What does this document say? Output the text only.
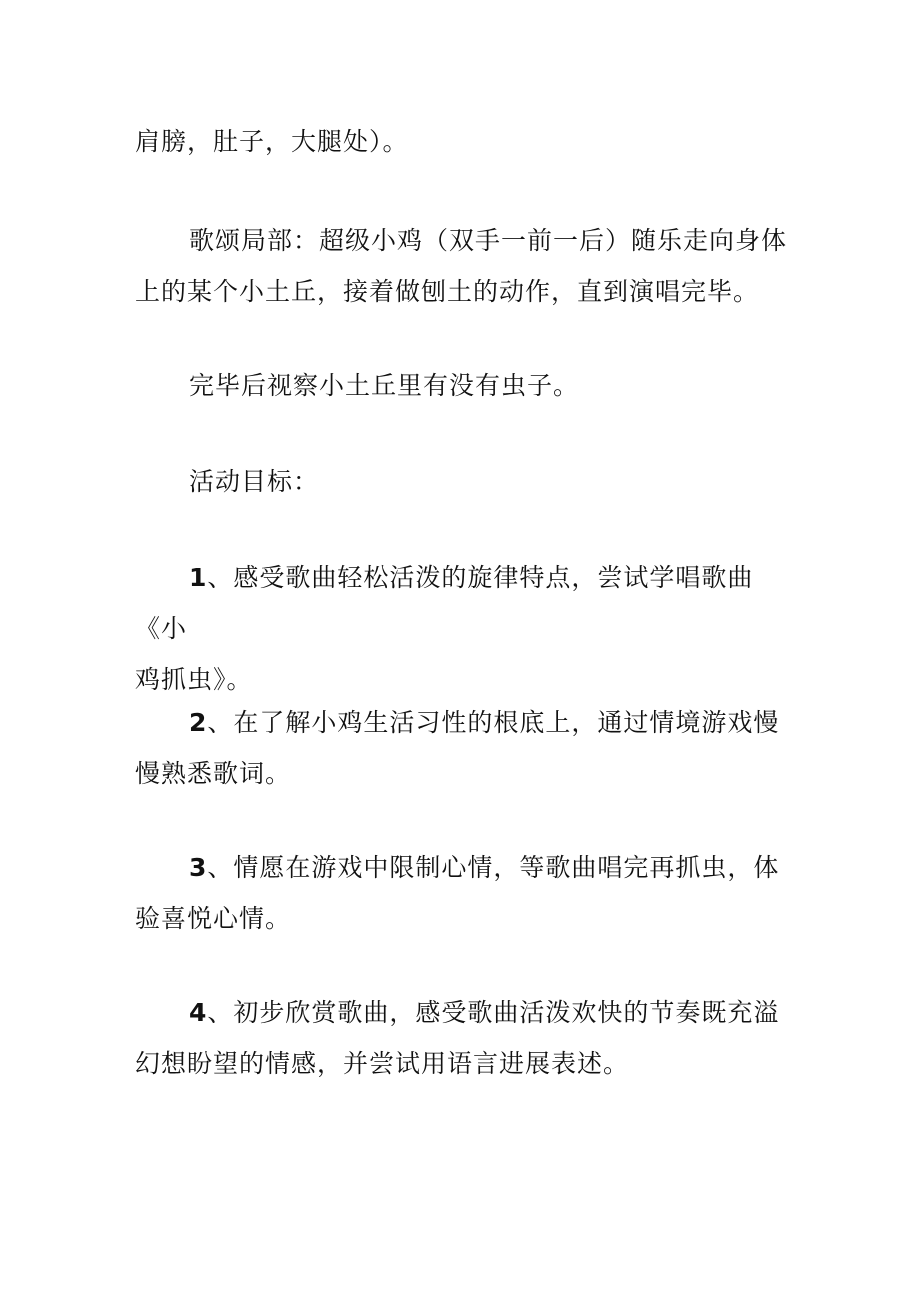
肩膀，肚子，大腿处）。

歌颂局部：超级小鸡（双手一前一后）随乐走向身体
上的某个小土丘，接着做刨土的动作，直到演唱完毕。

完毕后视察小土丘里有没有虫子。

活动目标：

1、感受歌曲轻松活泼的旋律特点，尝试学唱歌曲《小
鸡抓虫》。

2、在了解小鸡生活习性的根底上，通过情境游戏慢
慢熟悉歌词。

3、情愿在游戏中限制心情，等歌曲唱完再抓虫，体
验喜悦心情。

4、初步欣赏歌曲，感受歌曲活泼欢快的节奏既充溢
幻想盼望的情感，并尝试用语言进展表述。
